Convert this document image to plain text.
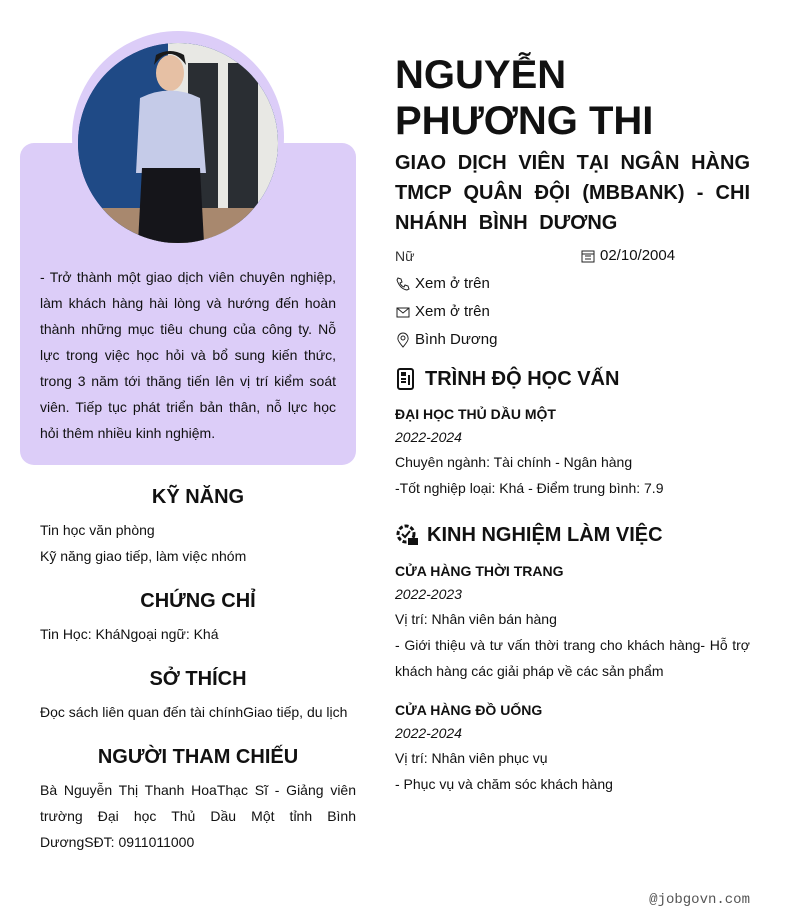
- Trở thành một giao dịch viên chuyên nghiệp, làm khách hàng hài lòng và hướng đến hoàn thành những mục tiêu chung của công ty. Nỗ lực trong việc học hỏi và bổ sung kiến thức, trong 3 năm tới thăng tiến lên vị trí kiểm soát viên. Tiếp tục phát triển bản thân, nỗ lực học hỏi thêm nhiều kinh nghiệm.
KỸ NĂNG
Tin học văn phòng
Kỹ năng giao tiếp, làm việc nhóm
CHỨNG CHỈ
Tin Học: KháNgoại ngữ: Khá
SỞ THÍCH
Đọc sách liên quan đến tài chínhGiao tiếp, du lịch
NGƯỜI THAM CHIẾU
Bà Nguyễn Thị Thanh HoaThạc Sĩ - Giảng viên trường Đại học Thủ Dầu Một tỉnh Bình DươngSĐT: 0911011000
NGUYỄN PHƯƠNG THI
GIAO DỊCH VIÊN TẠI NGÂN HÀNG TMCP QUÂN ĐỘI (MBBANK) - CHI NHÁNH BÌNH DƯƠNG
Nữ	02/10/2004
Xem ở trên
Xem ở trên
Bình Dương
TRÌNH ĐỘ HỌC VẤN
ĐẠI HỌC THỦ DẦU MỘT
2022-2024
Chuyên ngành: Tài chính - Ngân hàng
-Tốt nghiệp loại: Khá - Điểm trung bình: 7.9
KINH NGHIỆM LÀM VIỆC
CỬA HÀNG THỜI TRANG
2022-2023
Vị trí: Nhân viên bán hàng
- Giới thiệu và tư vấn thời trang cho khách hàng- Hỗ trợ khách hàng các giải pháp về các sản phẩm
CỬA HÀNG ĐỒ UỐNG
2022-2024
Vị trí: Nhân viên phục vụ
- Phục vụ và chăm sóc khách hàng
@jobgovn.com
